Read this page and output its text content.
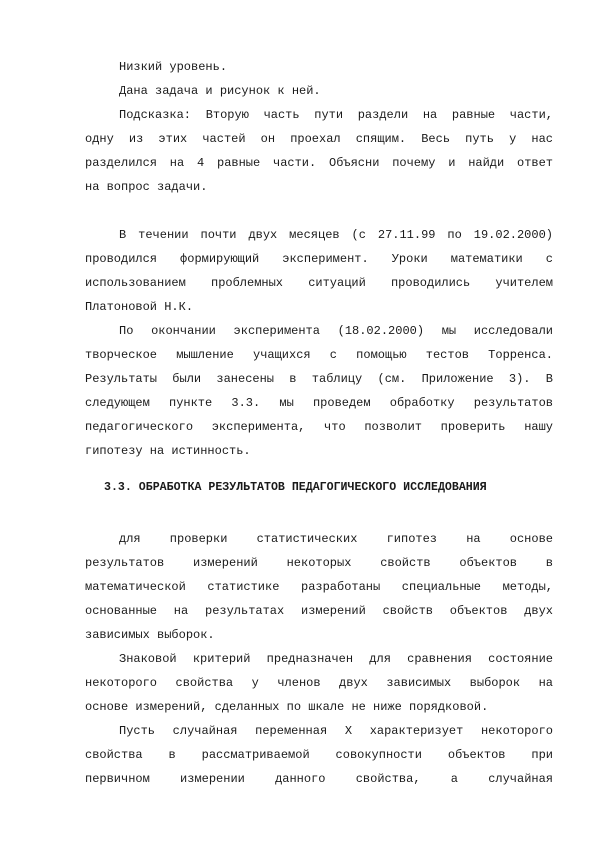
Низкий уровень.
Дана задача и рисунок к ней.
Подсказка: Вторую часть пути раздели на равные части,
одну из этих частей он проехал спящим. Весь путь у нас
разделился на 4 равные части. Объясни почему и найди ответ
на вопрос задачи.
В течении почти двух месяцев (с 27.11.99 по 19.02.2000)
проводился формирующий эксперимент. Уроки математики с
использованием проблемных ситуаций проводились учителем
Платоновой Н.К.
По окончании эксперимента (18.02.2000) мы исследовали
творческое мышление учащихся с помощью тестов Торренса.
Результаты были занесены в таблицу (см. Приложение 3). В
следующем пункте 3.3. мы проведем обработку результатов
педагогического эксперимента, что позволит проверить нашу
гипотезу на истинность.
3.3. ОБРАБОТКА РЕЗУЛЬТАТОВ ПЕДАГОГИЧЕСКОГО ИССЛЕДОВАНИЯ
для проверки статистических гипотез на основе
результатов измерений некоторых свойств объектов в
математической статистике разработаны специальные методы,
основанные на результатах измерений свойств объектов двух
зависимых выборок.
Знаковой критерий предназначен для сравнения состояние
некоторого свойства у членов двух зависимых выборок на
основе измерений, сделанных по шкале не ниже порядковой.
Пусть случайная переменная X характеризует некоторого
свойства в рассматриваемой совокупности объектов при
первичном измерении данного свойства, а случайная
